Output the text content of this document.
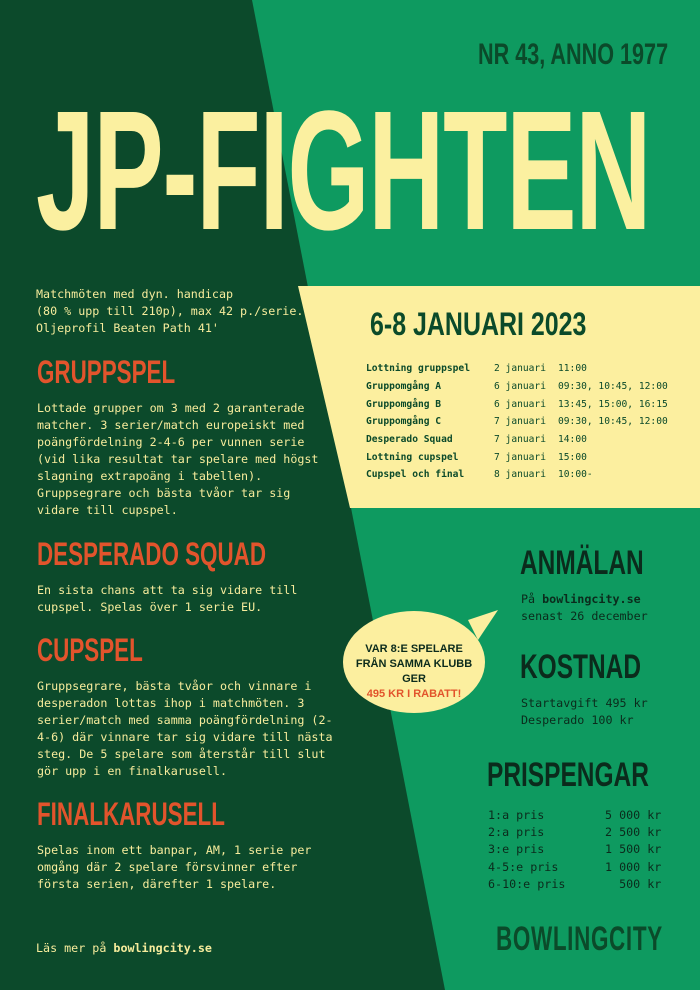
NR 43, ANNO 1977
JP-FIGHTEN
Matchmöten med dyn. handicap
(80 % upp till 210p), max 42 p./serie.
Oljeprofil Beaten Path 41'
GRUPPSPEL
Lottade grupper om 3 med 2 garanterade matcher. 3 serier/match europeiskt med poängfördelning 2-4-6 per vunnen serie (vid lika resultat tar spelare med högst slagning extrapoäng i tabellen). Gruppsegrare och bästa tvåor tar sig vidare till cupspel.
DESPERADO SQUAD
En sista chans att ta sig vidare till cupspel. Spelas över 1 serie EU.
CUPSPEL
Gruppsegrare, bästa tvåor och vinnare i desperadon lottas ihop i matchmöten. 3 serier/match med samma poängfördelning (2-4-6) där vinnare tar sig vidare till nästa steg. De 5 spelare som återstår till slut gör upp i en finalkarusell.
FINALKARUSELL
Spelas inom ett banpar, AM, 1 serie per omgång där 2 spelare försvinner efter första serien, därefter 1 spelare.
6-8 JANUARI 2023
Lottning gruppspel	2 januari	11:00
Gruppomgång A	6 januari	09:30, 10:45, 12:00
Gruppomgång B	6 januari	13:45, 15:00, 16:15
Gruppomgång C	7 januari	09:30, 10:45, 12:00
Desperado Squad	7 januari	14:00
Lottning cupspel	7 januari	15:00
Cupspel och final	8 januari	10:00-
VAR 8:E SPELARE
FRÅN SAMMA KLUBB GER
495 KR I RABATT!
ANMÄLAN
På bowlingcity.se
senast 26 december
KOSTNAD
Startavgift 495 kr
Desperado 100 kr
PRISPENGAR
1:a pris	5 000 kr
2:a pris	2 500 kr
3:e pris	1 500 kr
4-5:e pris	1 000 kr
6-10:e pris	500 kr
Läs mer på bowlingcity.se	BOWLINGCITY
